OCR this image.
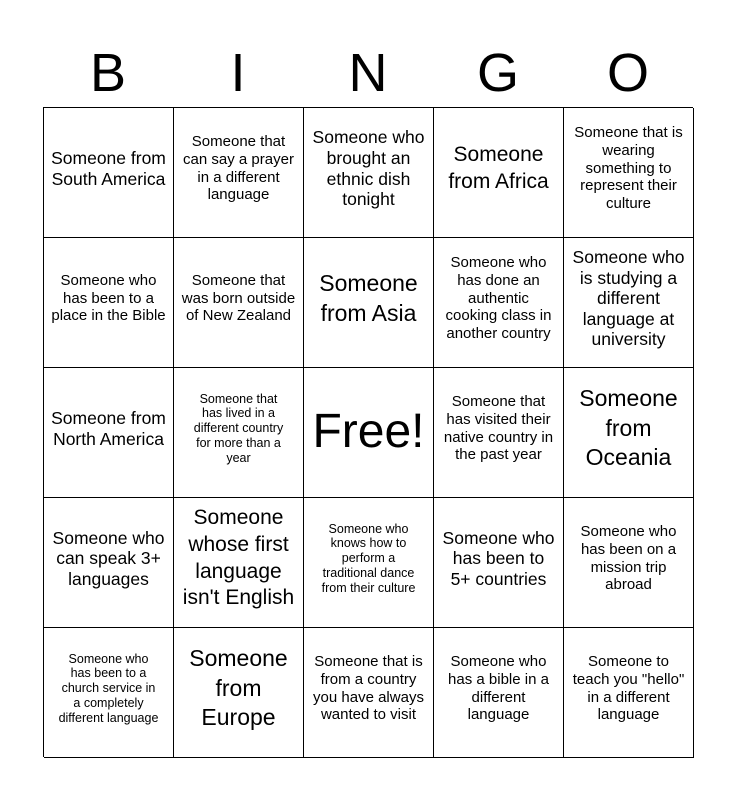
B	I	N	G	O
Someone from South America
Someone that can say a prayer in a different language
Someone who brought an ethnic dish tonight
Someone from Africa
Someone that is wearing something to represent their culture
Someone who has been to a place in the Bible
Someone that was born outside of New Zealand
Someone from Asia
Someone who has done an authentic cooking class in another country
Someone who is studying a different language at university
Someone from North America
Someone that has lived in a different country for more than a year	Free!
Someone that has visited their native country in the past year
Someone from Oceania
Someone who can speak 3+ languages
Someone whose first language isn't English
Someone who knows how to perform a traditional dance from their culture
Someone who has been to 5+ countries
Someone who has been on a mission trip abroad
Someone who has been to a church service in a completely different language
Someone from Europe
Someone that is from a country you have always wanted to visit
Someone who has a bible in a different language
Someone to teach you "hello" in a different language
